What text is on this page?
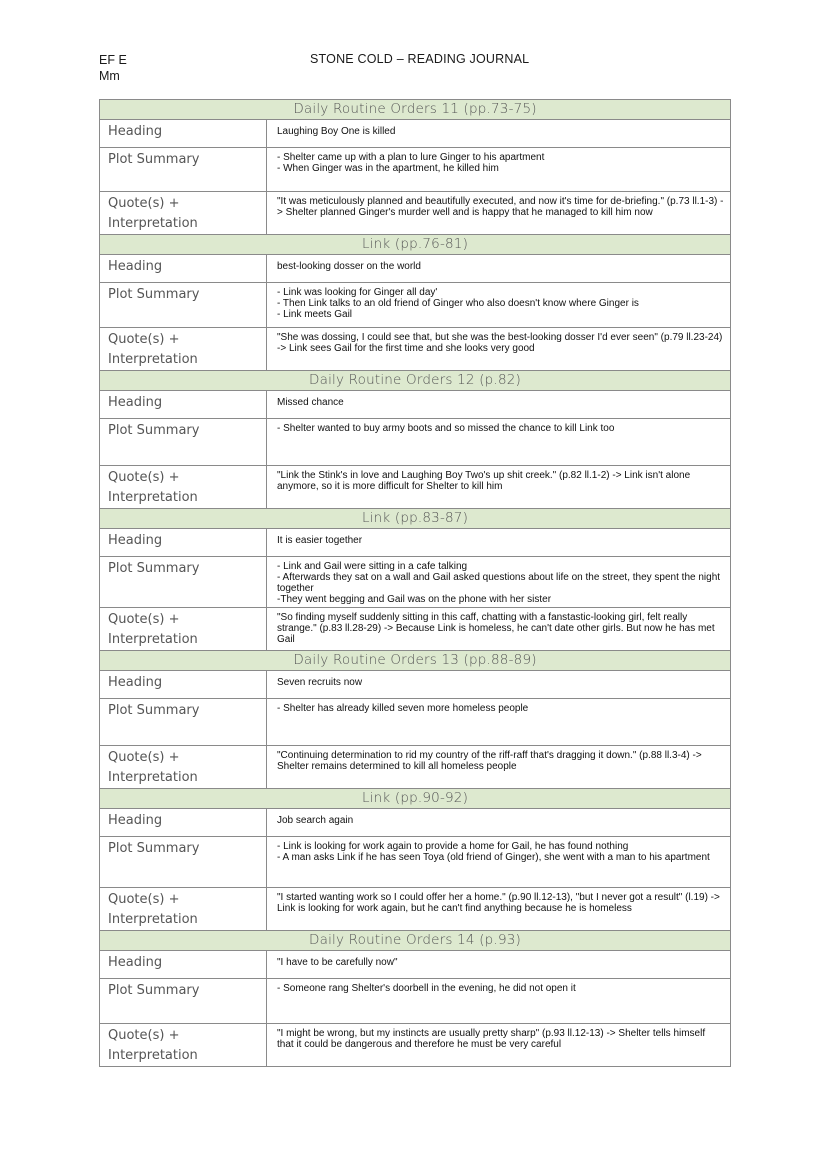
EF E
Mm
STONE COLD – READING JOURNAL
Daily Routine Orders 11 (pp.73-75)	
Heading	Laughing Boy One is killed
Plot Summary	- Shelter came up with a plan to lure Ginger to his apartment
- When Ginger was in the apartment, he killed him
Quote(s) +
Interpretation	"It was meticulously planned and beautifully executed, and now it's time for de-briefing." (p.73 ll.1-3) -> Shelter planned Ginger's murder well and is happy that he managed to kill him now
Link (pp.76-81)	
Heading	best-looking dosser on the world
Plot Summary	- Link was looking for Ginger all day'
- Then Link talks to an old friend of Ginger who also doesn't know where Ginger is
- Link meets Gail
Quote(s) +
Interpretation	"She was dossing, I could see that, but she was the best-looking dosser I'd ever seen" (p.79 ll.23-24) -> Link sees Gail for the first time and she looks very good
Daily Routine Orders 12 (p.82)	
Heading	Missed chance
Plot Summary	- Shelter wanted to buy army boots and so missed the chance to kill Link too
Quote(s) +
Interpretation	"Link the Stink's in love and Laughing Boy Two's up shit creek." (p.82 ll.1-2) -> Link isn't alone anymore, so it is more difficult for Shelter to kill him
Link (pp.83-87)	
Heading	It is easier together
Plot Summary	- Link and Gail were sitting in a cafe talking
- Afterwards they sat on a wall and Gail asked questions about life on the street, they spent the night together
-They went begging and Gail was on the phone with her sister
Quote(s) +
Interpretation	"So finding myself suddenly sitting in this caff, chatting with a fanstastic-looking girl, felt really strange." (p.83 ll.28-29) -> Because Link is homeless, he can't date other girls. But now he has met Gail
Daily Routine Orders 13 (pp.88-89)	
Heading	Seven recruits now
Plot Summary	- Shelter has already killed seven more homeless people
Quote(s) +
Interpretation	"Continuing determination to rid my country of the riff-raff that's dragging it down." (p.88 ll.3-4) -> Shelter remains determined to kill all homeless people
Link (pp.90-92)	
Heading	Job search again
Plot Summary	- Link is looking for work again to provide a home for Gail, he has found nothing
- A man asks Link if he has seen Toya (old friend of Ginger), she went with a man to his apartment
Quote(s) +
Interpretation	"I started wanting work so I could offer her a home." (p.90 ll.12-13), "but I never got a result" (l.19) -> Link is looking for work again, but he can't find anything because he is homeless
Daily Routine Orders 14 (p.93)	
Heading	"I have to be carefully now"
Plot Summary	- Someone rang Shelter's doorbell in the evening, he did not open it
Quote(s) +
Interpretation	"I might be wrong, but my instincts are usually pretty sharp" (p.93 ll.12-13) -> Shelter tells himself that it could be dangerous and therefore he must be very careful
